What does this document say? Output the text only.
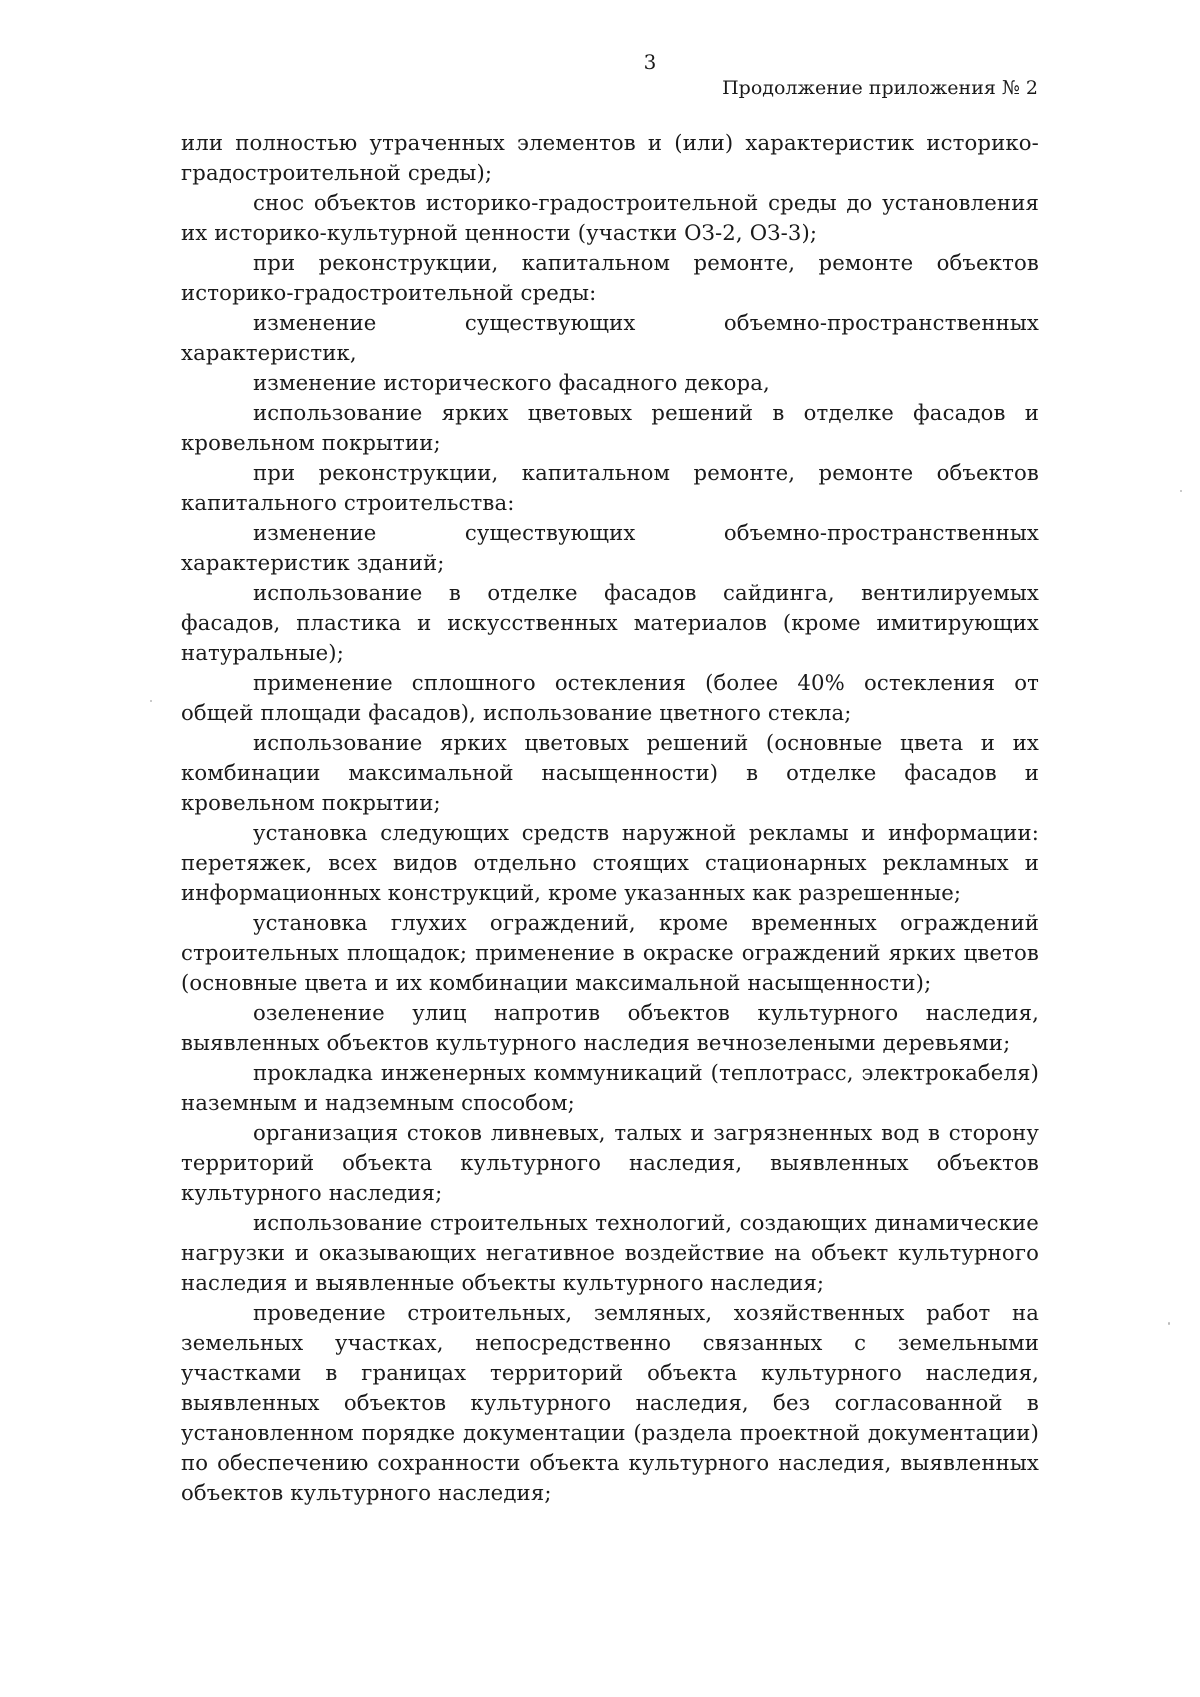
3
Продолжение приложения № 2

или полностью утраченных элементов и (или) характеристик историко-градостроительной среды);

снос объектов историко-градостроительной среды до установления их историко-культурной ценности (участки ОЗ-2, ОЗ-3);

при реконструкции, капитальном ремонте, ремонте объектов историко-градостроительной среды:

изменение существующих объемно-пространственных характеристик,

изменение исторического фасадного декора,

использование ярких цветовых решений в отделке фасадов и кровельном покрытии;

при реконструкции, капитальном ремонте, ремонте объектов капитального строительства:

изменение существующих объемно-пространственных характеристик зданий;

использование в отделке фасадов сайдинга, вентилируемых фасадов, пластика и искусственных материалов (кроме имитирующих натуральные);

применение сплошного остекления (более 40% остекления от общей площади фасадов), использование цветного стекла;

использование ярких цветовых решений (основные цвета и их комбинации максимальной насыщенности) в отделке фасадов и кровельном покрытии;

установка следующих средств наружной рекламы и информации: перетяжек, всех видов отдельно стоящих стационарных рекламных и информационных конструкций, кроме указанных как разрешенные;

установка глухих ограждений, кроме временных ограждений строительных площадок; применение в окраске ограждений ярких цветов (основные цвета и их комбинации максимальной насыщенности);

озеленение улиц напротив объектов культурного наследия, выявленных объектов культурного наследия вечнозелеными деревьями;

прокладка инженерных коммуникаций (теплотрасс, электрокабеля) наземным и надземным способом;

организация стоков ливневых, талых и загрязненных вод в сторону территорий объекта культурного наследия, выявленных объектов культурного наследия;

использование строительных технологий, создающих динамические нагрузки и оказывающих негативное воздействие на объект культурного наследия и выявленные объекты культурного наследия;

проведение строительных, земляных, хозяйственных работ на земельных участках, непосредственно связанных с земельными участками в границах территорий объекта культурного наследия, выявленных объектов культурного наследия, без согласованной в установленном порядке документации (раздела проектной документации) по обеспечению сохранности объекта культурного наследия, выявленных объектов культурного наследия;
